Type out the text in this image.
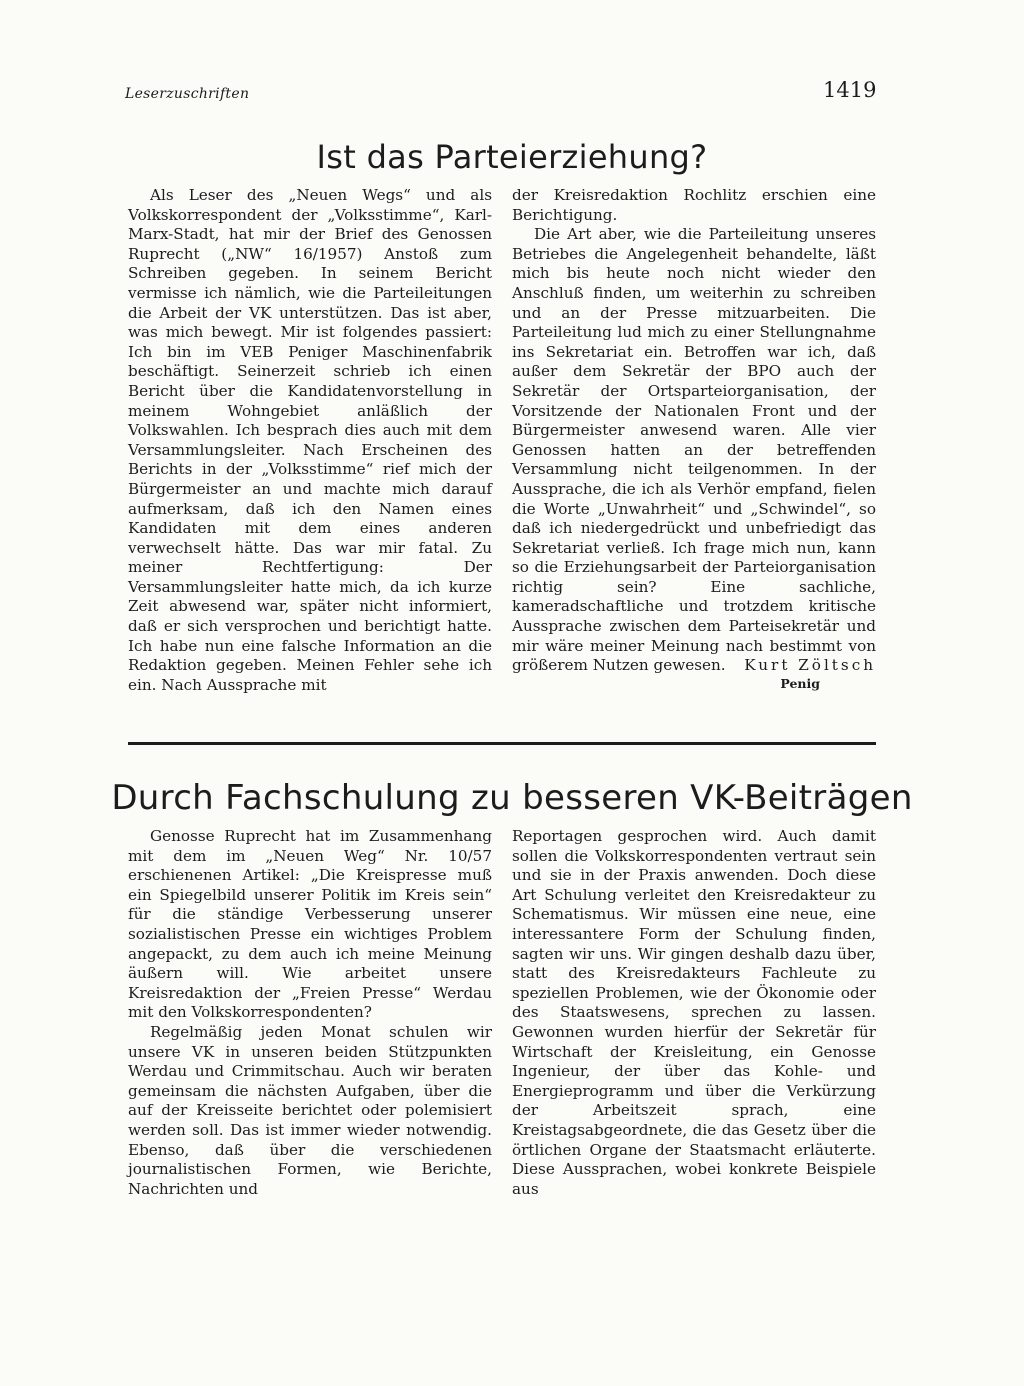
Leserzuschriften	1419
Ist das Parteierziehung?

Als Leser des „Neuen Wegs“ und als Volkskorrespondent der „Volksstimme“, Karl-Marx-Stadt, hat mir der Brief des Genossen Ruprecht („NW“ 16/1957) Anstoß zum Schreiben gegeben. In seinem Bericht vermisse ich nämlich, wie die Parteileitungen die Arbeit der VK unterstützen. Das ist aber, was mich bewegt. Mir ist folgendes passiert: Ich bin im VEB Peniger Maschinenfabrik beschäftigt. Seinerzeit schrieb ich einen Bericht über die Kandidatenvorstellung in meinem Wohngebiet anläßlich der Volkswahlen. Ich besprach dies auch mit dem Versammlungsleiter. Nach Erscheinen des Berichts in der „Volksstimme“ rief mich der Bürgermeister an und machte mich darauf aufmerksam, daß ich den Namen eines Kandidaten mit dem eines anderen verwechselt hätte. Das war mir fatal. Zu meiner Rechtfertigung: Der Versammlungsleiter hatte mich, da ich kurze Zeit abwesend war, später nicht informiert, daß er sich versprochen und berichtigt hatte. Ich habe nun eine falsche Information an die Redaktion gegeben. Meinen Fehler sehe ich ein. Nach Aussprache mit

der Kreisredaktion Rochlitz erschien eine Berichtigung.

Die Art aber, wie die Parteileitung unseres Betriebes die Angelegenheit behandelte, läßt mich bis heute noch nicht wieder den Anschluß finden, um weiterhin zu schreiben und an der Presse mitzuarbeiten. Die Parteileitung lud mich zu einer Stellungnahme ins Sekretariat ein. Betroffen war ich, daß außer dem Sekretär der BPO auch der Sekretär der Ortsparteiorganisation, der Vorsitzende der Nationalen Front und der Bürgermeister anwesend waren. Alle vier Genossen hatten an der betreffenden Versammlung nicht teilgenommen. In der Aussprache, die ich als Verhör empfand, fielen die Worte „Unwahrheit“ und „Schwindel“, so daß ich niedergedrückt und unbefriedigt das Sekretariat verließ. Ich frage mich nun, kann so die Erziehungsarbeit der Parteiorganisation richtig sein? Eine sachliche, kameradschaftliche und trotzdem kritische Aussprache zwischen dem Parteisekretär und mir wäre meiner Meinung nach bestimmt von größerem Nutzen gewesen.	Kurt Zöltsch
Penig
Durch Fachschulung zu besseren VK-Beiträgen

Genosse Ruprecht hat im Zusammenhang mit dem im „Neuen Weg“ Nr. 10/57 erschienenen Artikel: „Die Kreispresse muß ein Spiegelbild unserer Politik im Kreis sein“ für die ständige Verbesserung unserer sozialistischen Presse ein wichtiges Problem angepackt, zu dem auch ich meine Meinung äußern will. Wie arbeitet unsere Kreisredaktion der „Freien Presse“ Werdau mit den Volkskorrespondenten?

Regelmäßig jeden Monat schulen wir unsere VK in unseren beiden Stützpunkten Werdau und Crimmitschau. Auch wir beraten gemeinsam die nächsten Aufgaben, über die auf der Kreisseite berichtet oder polemisiert werden soll. Das ist immer wieder notwendig. Ebenso, daß über die verschiedenen journalistischen Formen, wie Berichte, Nachrichten und

Reportagen gesprochen wird. Auch damit sollen die Volkskorrespondenten vertraut sein und sie in der Praxis anwenden. Doch diese Art Schulung verleitet den Kreisredakteur zu Schematismus. Wir müssen eine neue, eine interessantere Form der Schulung finden, sagten wir uns. Wir gingen deshalb dazu über, statt des Kreisredakteurs Fachleute zu speziellen Problemen, wie der Ökonomie oder des Staatswesens, sprechen zu lassen. Gewonnen wurden hierfür der Sekretär für Wirtschaft der Kreisleitung, ein Genosse Ingenieur, der über das Kohle- und Energieprogramm und über die Verkürzung der Arbeitszeit sprach, eine Kreistagsabgeordnete, die das Gesetz über die örtlichen Organe der Staatsmacht erläuterte. Diese Aussprachen, wobei konkrete Beispiele aus
